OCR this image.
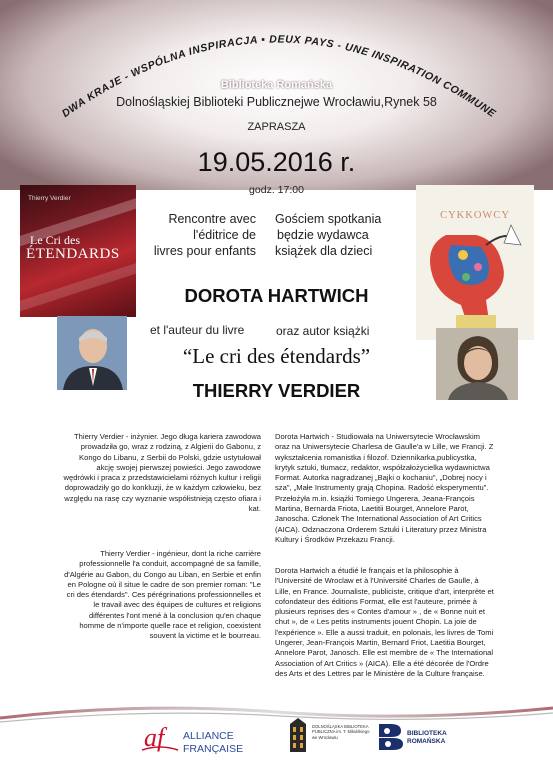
DWA KRAJE - WSPÓLNA INSPIRACJA ▪ DEUX PAYS - UNE INSPIRATION COMMUNE
Biblioteka Romańska
Dolnośląskiej Biblioteki Publicznejwe Wrocławiu,Rynek 58
ZAPRASZA
19.05.2016 r.
godz. 17:00
Thierry Verdier
Le Cri des
ÉTENDARDS
CYKKOWCY
Rencontre avec
l'éditrice de
livres pour enfants
Gościem spotkania
będzie wydawca
książek dla dzieci
DOROTA HARTWICH
et l'auteur du livre	oraz autor książki
“Le cri des étendards”
THIERRY VERDIER
Thierry Verdier - inżynier. Jego długa kariera zawodowa prowadziła go, wraz z rodziną, z Algierii do Gabonu, z Kongo do Libanu, z Serbii do Polski, gdzie ustytułował akcję swojej pierwszej powieści. Jego zawodowe wędrówki i praca z przedstawicielami różnych kultur i religii doprowadziły go do konkluzji, że w każdym człowieku, bez względu na rasę czy wyznanie współistnieją często ofiara i kat.
Thierry Verdier - ingénieur, dont la riche carrière professionnelle l'a conduit, accompagné de sa famille, d'Algérie au Gabon, du Congo au Liban, en Serbie et enfin en Pologne où il situe le cadre de son premier roman: "Le cri des étendards". Ces pérégrinations professionnelles et le travail avec des équipes de cultures et religions différentes l'ont mené à la conclusion qu'en chaque homme de n'importe quelle race et religion, coexistent souvent la victime et le bourreau.
Dorota Hartwich - Studiowała na Uniwersytecie Wrocławskim oraz na Uniwersytecie Charlesa de Gaulle'a w Lille, we Francji. Z wykształcenia romanistka i filozof. Dziennikarka,publicystka, krytyk sztuki, tłumacz, redaktor, współzałożycielka wydawnictwa Format. Autorka nagradzanej „Bajki o kochaniu", „Dobrej nocy i sza", „Małe Instrumenty grają Chopina. Radość eksperymentu". Przełożyła m.in. książki Tomiego Ungerera, Jeana-François Martina, Bernarda Friota, Laetitii Bourget, Annelore Parot, Janoscha. Członek The International Association of Art Critics (AICA). Odznaczona Orderem Sztuki i Literatury przez Ministra Kultury i Środków Przekazu Francji.
Dorota Hartwich a étudié le français et la philosophie à l'Université de Wroclaw et à l'Université Charles de Gaulle, à Lille, en France. Journaliste, publiciste, critique d'art, interprète et cofondateur des éditions Format, elle est l'auteure, primée à plusieurs reprises des « Contes d'amour » , de « Bonne nuit et chut », de « Les petits instruments jouent Chopin. La joie de l'expérience ». Elle a aussi traduit, en polonais, les livres de Tomi Ungerer, Jean-François Martin, Bernard Friot, Laetitia Bourget, Annelore Parot, Janosch. Elle est membre de « The International Association of Art Critics » (AICA). Elle a été décorée de l'Ordre des Arts et des Lettres par le Ministère de la Culture française.
af	ALLIANCE
FRANÇAISE
DOLNOŚLĄSKA BIBLIOTEKA PUBLICZNA im. T. Mikulskiego we Wrocławiu
BIBLIOTEKA
ROMAŃSKA
